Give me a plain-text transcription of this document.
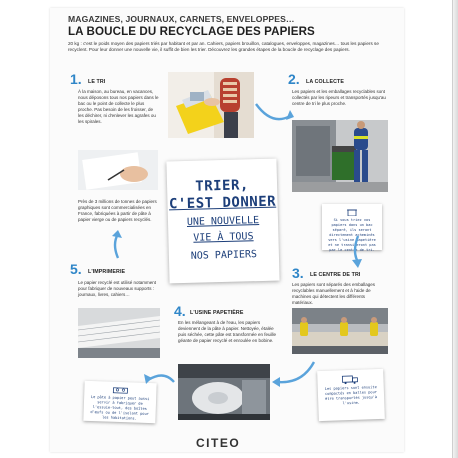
MAGAZINES, JOURNAUX, CARNETS, ENVELOPPES…
LA BOUCLE DU RECYCLAGE DES PAPIERS
20 kg : c'est le poids moyen des papiers triés par habitant et par an. Cahiers, papiers brouillon, catalogues, enveloppes, magazines… tous les papiers se recyclent. Pour leur donner une nouvelle vie, il suffit de bien les trier. Découvrez les grandes étapes de la boucle de recyclage des papiers.
1. LE TRI
À la maison, au bureau, en vacances, nous déposons tous nos papiers dans le bac ou le point de collecte le plus proche. Pas besoin de les froisser, de les déchirer, ni d'enlever les agrafes ou les spirales.
2. LA COLLECTE
Les papiers et les emballages recyclables sont collectés par les ripeurs et transportés jusqu'au centre de tri le plus proche.
Si vous triez vos papiers dans un bac séparé, ils seront directement acheminés vers l'usine papetière et ne transiteront pas par le centre de tri.
TRIER,
C'EST DONNER
UNE NOUVELLE
VIE À TOUS
NOS PAPIERS
Près de 3 millions de tonnes de papiers graphiques sont commercialisées en France, fabriquées à partir de pâte à papier vierge ou de papiers recyclés.
3. LE CENTRE DE TRI
Les papiers sont séparés des emballages recyclables manuellement et à l'aide de machines qui détectent les différents matériaux.
Les papiers sont ensuite compactés en balles pour être transportés jusqu'à l'usine.
4. L'USINE PAPETIÈRE
En les mélangeant à de l'eau, les papiers deviennent de la pâte à papier. Nettoyée, étalée puis séchée, cette pâte est transformée en feuille géante de papier recyclé et enroulée en bobine.
5. L'IMPRIMERIE
Le papier recyclé est utilisé notamment pour fabriquer de nouveaux supports : journaux, livres, cahiers…
Le pâte à papier peut aussi servir à fabriquer de l'essuie-tout, des boîtes d'œufs ou de l'isolant pour les habitations.
CITEO
